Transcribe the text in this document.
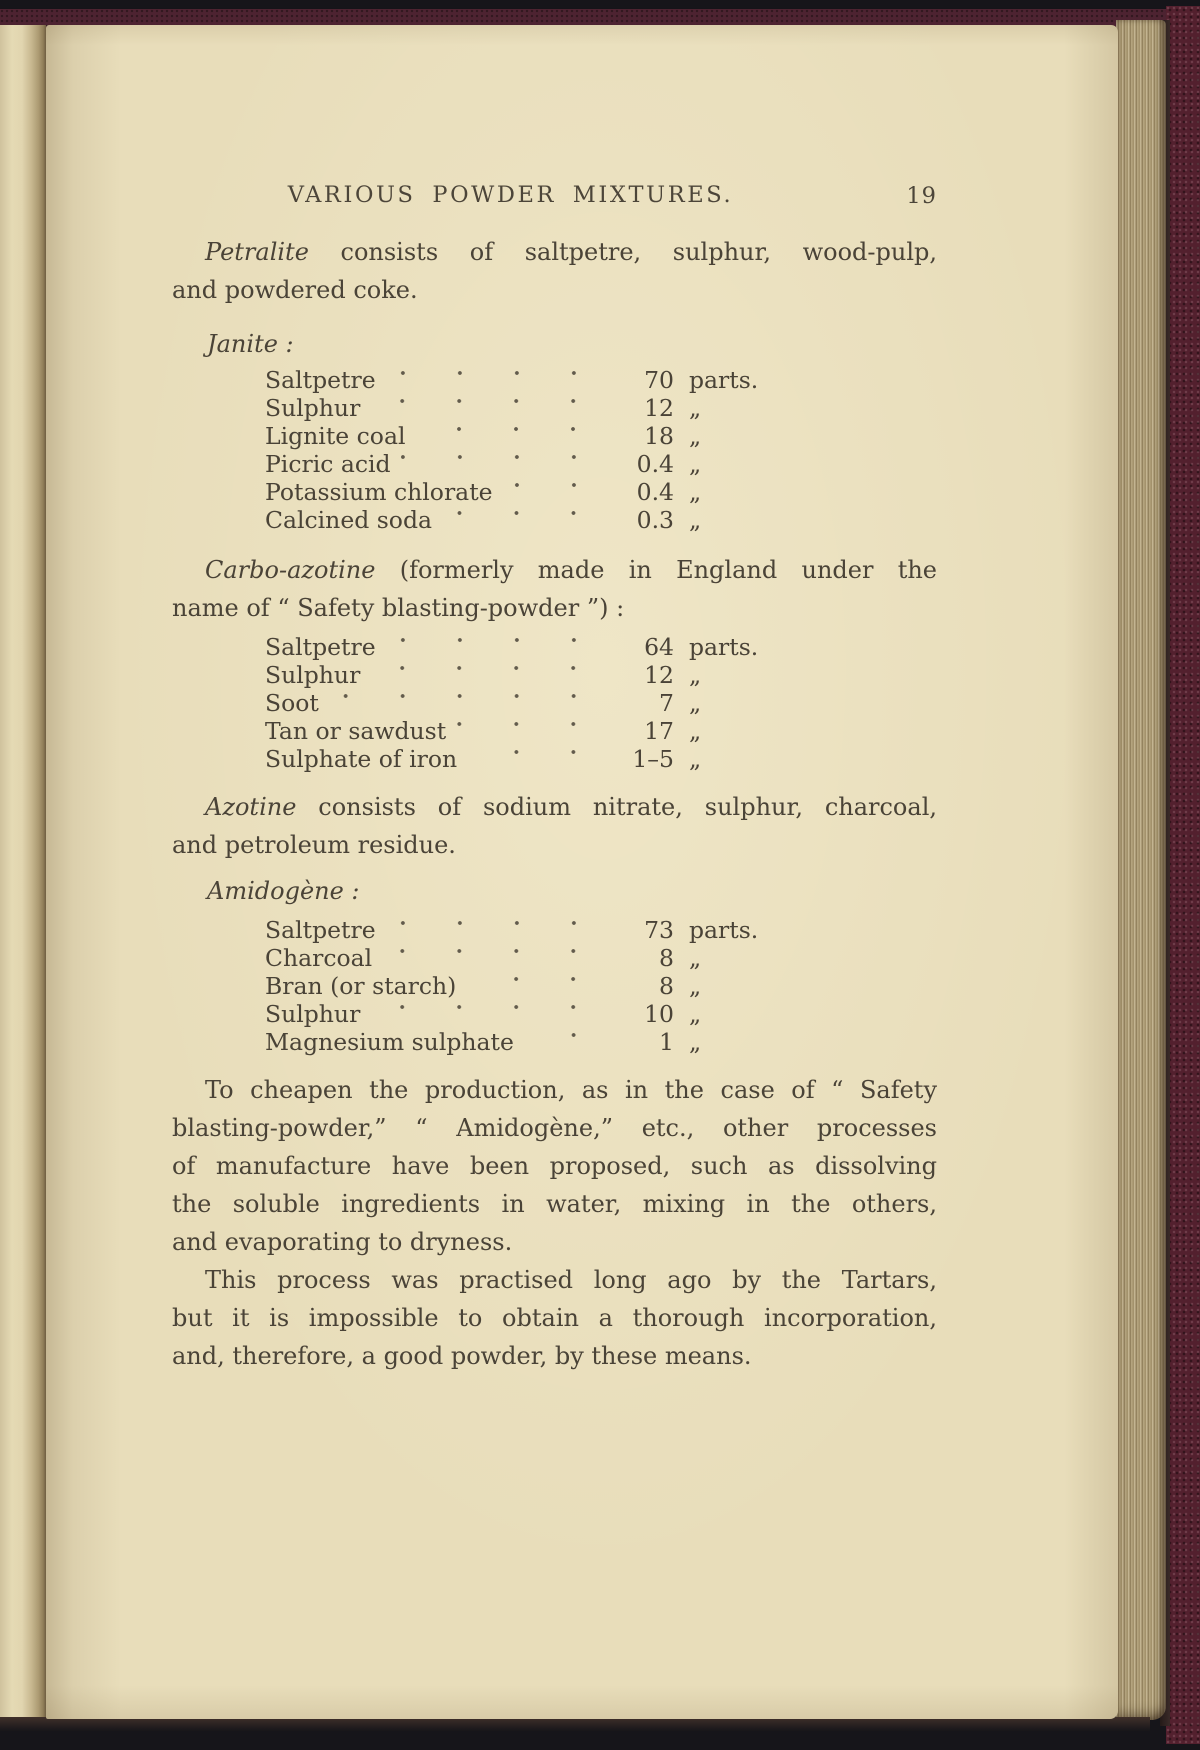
VARIOUS POWDER MIXTURES.	19
Petralite consists of saltpetre, sulphur, wood-pulp,
and powdered coke.
Janite :
Saltpetre	70 parts.
Sulphur	12 „
Lignite coal	18 „
Picric acid	0.4 „
Potassium chlorate	0.4 „
Calcined soda	0.3 „
Carbo-azotine (formerly made in England under the
name of “ Safety blasting-powder ”) :
Saltpetre	64 parts.
Sulphur	12 „
Soot	7 „
Tan or sawdust	17 „
Sulphate of iron	1–5 „
Azotine consists of sodium nitrate, sulphur, charcoal,
and petroleum residue.
Amidogène :
Saltpetre	73 parts.
Charcoal	8 „
Bran (or starch)	8 „
Sulphur	10 „
Magnesium sulphate	1 „
To cheapen the production, as in the case of “ Safety
blasting-powder,” “ Amidogène,” etc., other processes
of manufacture have been proposed, such as dissolving
the soluble ingredients in water, mixing in the others,
and evaporating to dryness.
This process was practised long ago by the Tartars,
but it is impossible to obtain a thorough incorporation,
and, therefore, a good powder, by these means.
